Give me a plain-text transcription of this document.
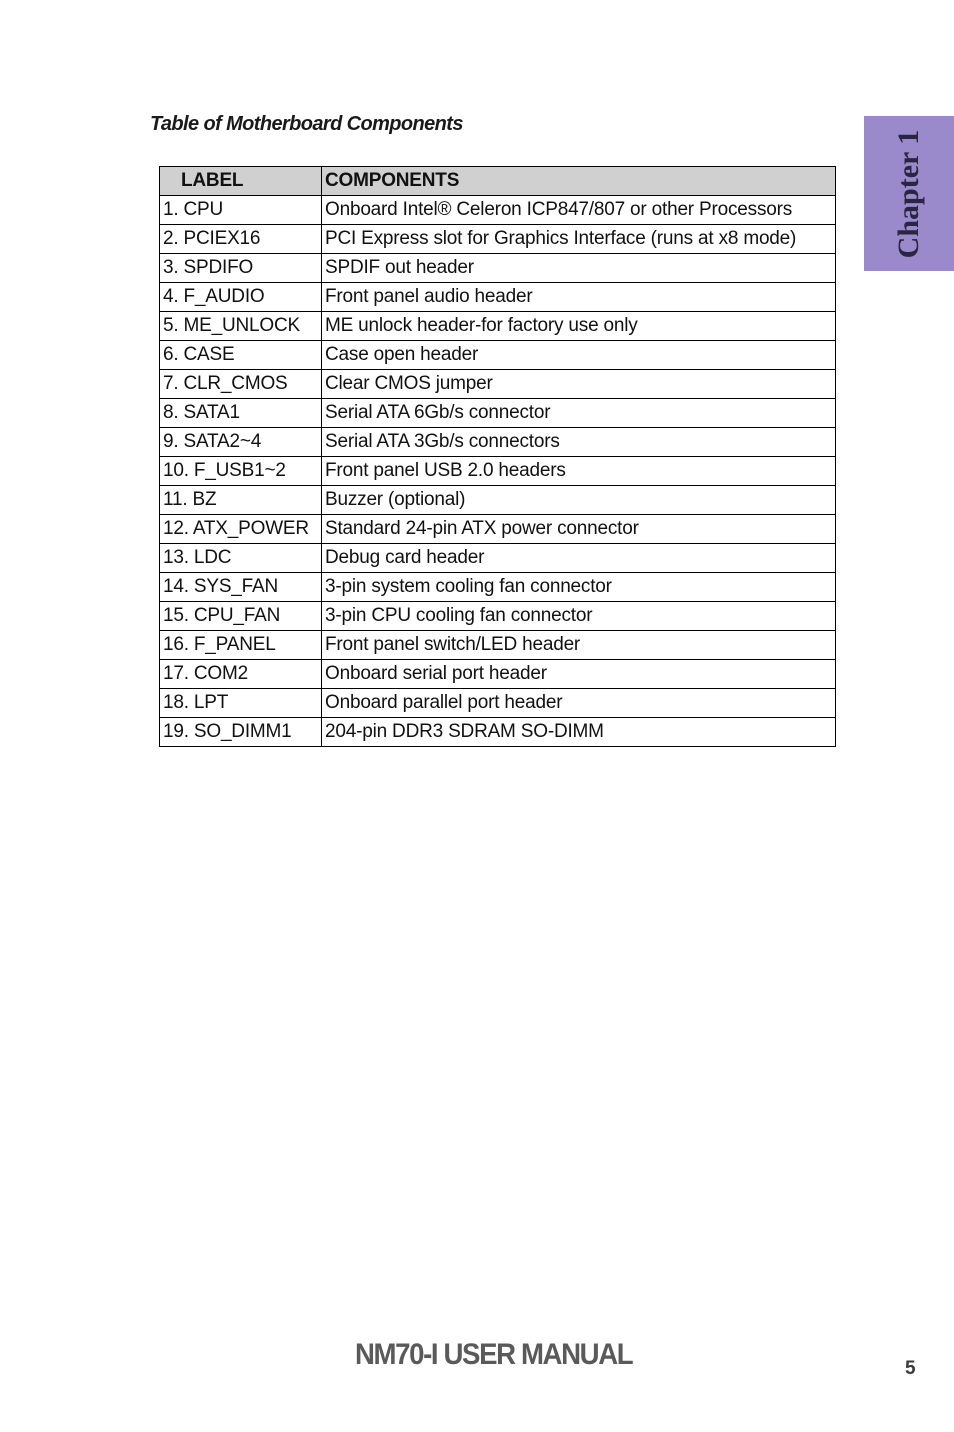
Table of Motherboard Components
Chapter 1
LABEL	COMPONENTS
1. CPU	Onboard Intel® Celeron ICP847/807 or other Processors
2. PCIEX16	PCI Express slot for Graphics Interface (runs at x8 mode)
3. SPDIFO	SPDIF out header
4. F_AUDIO	Front panel audio header
5. ME_UNLOCK	ME unlock header-for factory use only
6. CASE	Case open header
7. CLR_CMOS	Clear CMOS jumper
8. SATA1	Serial ATA 6Gb/s connector
9. SATA2~4	Serial ATA 3Gb/s connectors
10. F_USB1~2	Front panel USB 2.0 headers
11. BZ	Buzzer (optional)
12. ATX_POWER	Standard 24-pin ATX power connector
13. LDC	Debug card header
14. SYS_FAN	3-pin system cooling fan connector
15. CPU_FAN	3-pin CPU cooling fan connector
16. F_PANEL	Front panel switch/LED header
17. COM2	Onboard serial port header
18. LPT	Onboard parallel port header
19. SO_DIMM1	204-pin DDR3 SDRAM SO-DIMM
NM70-I USER MANUAL	5
